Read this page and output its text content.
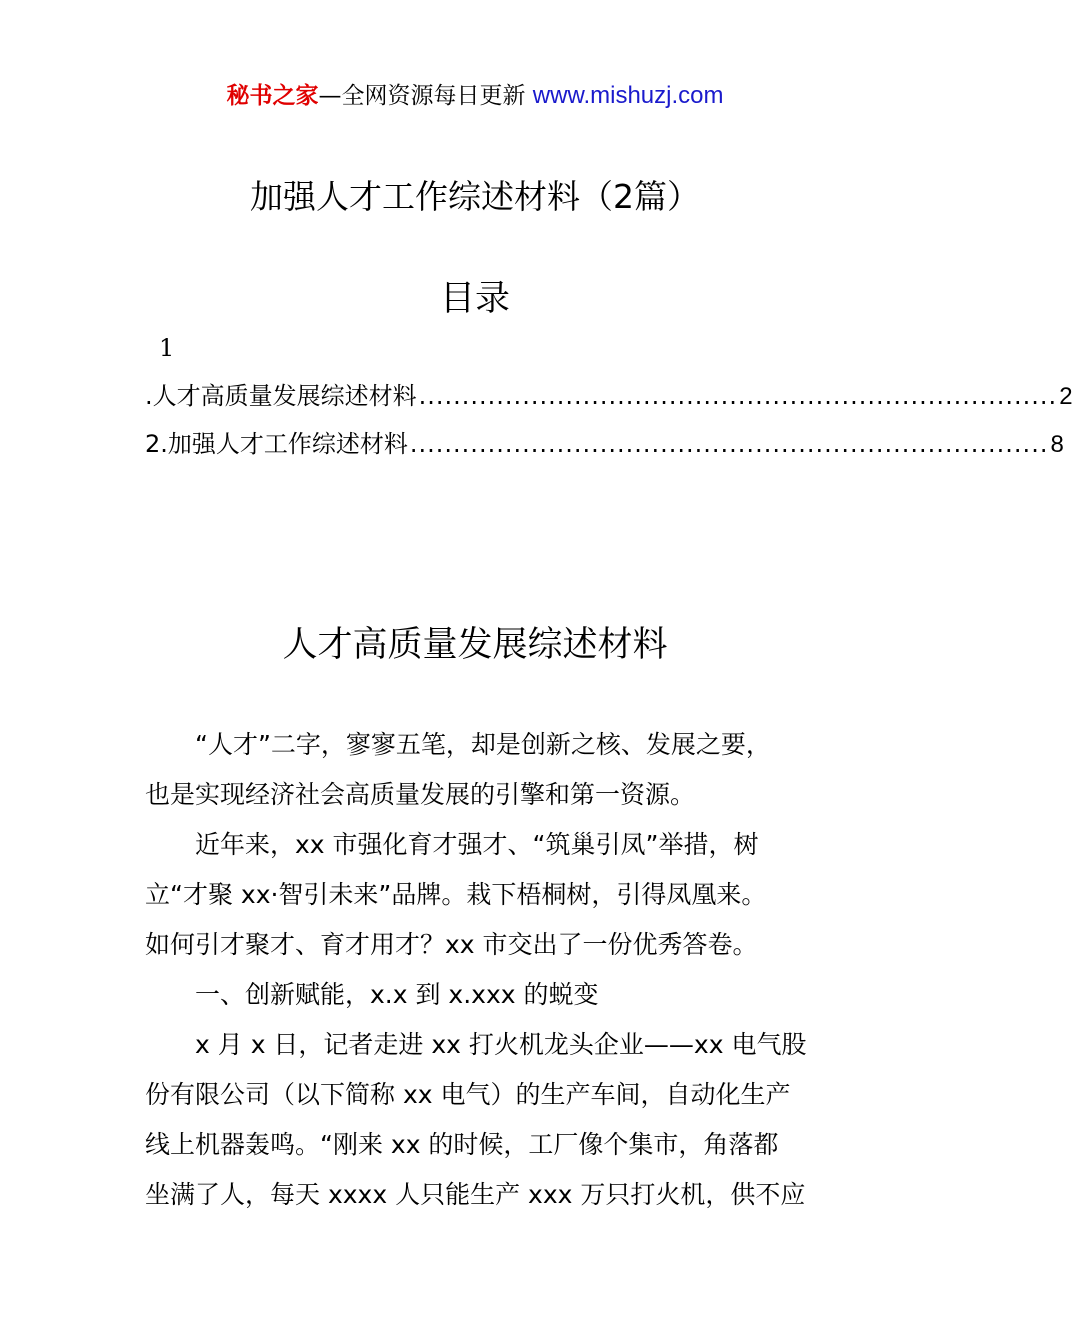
秘书之家—全网资源每日更新 www.mishuzj.com
加强人才工作综述材料（2篇）
目录
1
.人才高质量发展综述材料 .......................................................................... 2
2.加强人才工作综述材料 .......................................................................... 8
人才高质量发展综述材料
“人才”二字，寥寥五笔，却是创新之核、发展之要，
也是实现经济社会高质量发展的引擎和第一资源。
近年来，xx 市强化育才强才、“筑巢引凤”举措，树
立“才聚 xx·智引未来”品牌。栽下梧桐树，引得凤凰来。
如何引才聚才、育才用才？xx 市交出了一份优秀答卷。
一、创新赋能，x.x 到 x.xxx 的蜕变
x 月 x 日，记者走进 xx 打火机龙头企业——xx 电气股
份有限公司（以下简称 xx 电气）的生产车间，自动化生产
线上机器轰鸣。“刚来 xx 的时候，工厂像个集市，角落都
坐满了人，每天 xxxx 人只能生产 xxx 万只打火机，供不应
